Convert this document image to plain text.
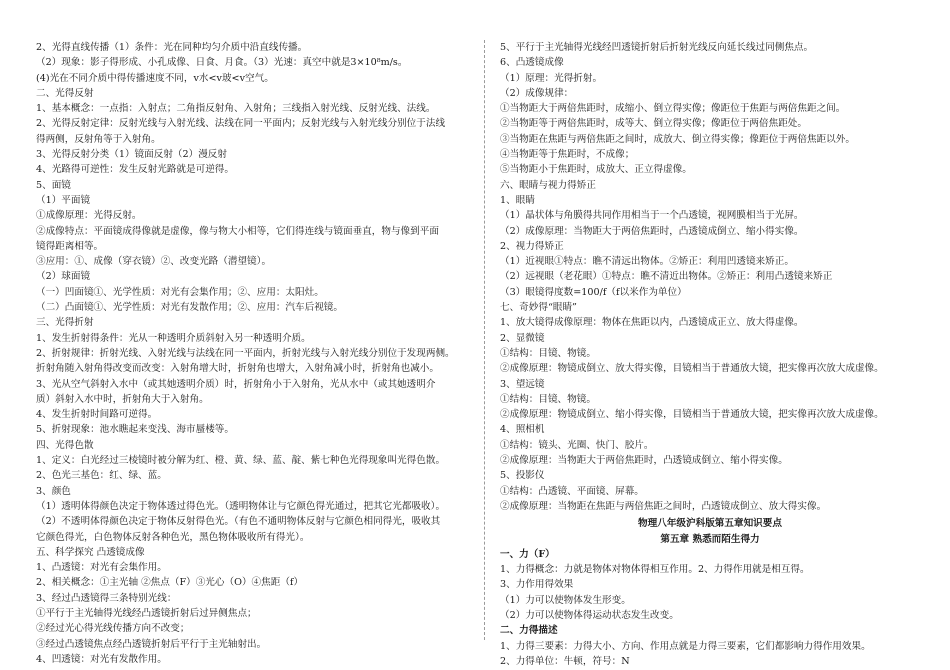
2、光得直线传播（1）条件：光在同种均匀介质中沿直线传播。
（2）现象：影子得形成、小孔成像、日食、月食。（3）光速：真空中就是3×10⁸m/s。
(4)光在不同介质中得传播速度不同，v水<v玻<v空气。
二、光得反射
1、基本概念：一点指：入射点；二角指反射角、入射角；三线指入射光线、反射光线、法线。
2、光得反射定律：反射光线与入射光线、法线在同一平面内；反射光线与入射光线分别位于法线
得两侧，反射角等于入射角。
3、光得反射分类（1）镜面反射（2）漫反射
4、光路得可逆性：发生反射光路就是可逆得。
5、面镜
（1）平面镜
①成像原理：光得反射。
②成像特点：平面镜成得像就是虚像，像与物大小相等，它们得连线与镜面垂直，物与像到平面
镜得距离相等。
③应用：①、成像（穿衣镜）②、改变光路（潜望镜）。
（2）球面镜
（一）凹面镜①、光学性质：对光有会集作用；②、应用：太阳灶。
（二）凸面镜①、光学性质：对光有发散作用；②、应用：汽车后视镜。
三、光得折射
1、发生折射得条件：光从一种透明介质斜射入另一种透明介质。
2、折射规律：折射光线、入射光线与法线在同一平面内，折射光线与入射光线分别位于发现两侧。
折射角随入射角得改变而改变：入射角增大时，折射角也增大，入射角减小时，折射角也减小。
3、光从空气斜射入水中（或其她透明介质）时，折射角小于入射角，光从水中（或其她透明介
质）斜射入水中时，折射角大于入射角。
4、发生折射时间路可逆得。
5、折射现象：池水瞧起来变浅、海市蜃楼等。
四、光得色散
1、定义：白光经过三棱镜时被分解为红、橙、黄、绿、蓝、靛、紫七种色光得现象叫光得色散。
2、色光三基色：红、绿、蓝。
3、颜色
（1）透明体得颜色决定于物体透过得色光。（透明物体让与它颜色得光通过，把其它光都吸收）。
（2）不透明体得颜色决定于物体反射得色光。（有色不通明物体反射与它颜色相同得光，吸收其
它颜色得光，白色物体反射各种色光，黑色物体吸收所有得光）。
五、科学探究 凸透镜成像
1、凸透镜：对光有会集作用。
2、相关概念：①主光轴 ②焦点（F）③光心（O）④焦距（f）
3、经过凸透镜得三条特别光线：
①平行于主光轴得光线经凸透镜折射后过异侧焦点；
②经过光心得光线传播方向不改变；
③经过凸透镜焦点经凸透镜折射后平行于主光轴射出。
4、凹透镜：对光有发散作用。
5、平行于主光轴得光线经凹透镜折射后折射光线反向延长线过同侧焦点。
6、凸透镜成像
（1）原理：光得折射。
（2）成像规律：
①当物距大于两倍焦距时，成缩小、倒立得实像；像距位于焦距与两倍焦距之间。
②当物距等于两倍焦距时，成等大、倒立得实像；像距位于两倍焦距处。
③当物距在焦距与两倍焦距之间时，成放大、倒立得实像；像距位于两倍焦距以外。
④当物距等于焦距时，不成像；
⑤当物距小于焦距时，成放大、正立得虚像。
六、眼睛与视力得矫正
1、眼睛
（1）晶状体与角膜得共同作用相当于一个凸透镜，视网膜相当于光屏。
（2）成像原理：当物距大于两倍焦距时，凸透镜成倒立、缩小得实像。
2、视力得矫正
（1）近视眼①特点：瞧不清远出物体。②矫正：利用凹透镜来矫正。
（2）远视眼（老花眼）①特点：瞧不清近出物体。②矫正：利用凸透镜来矫正
（3）眼镜得度数=100/f（f以米作为单位）
七、奇妙得“眼睛”
1、放大镜得成像原理：物体在焦距以内，凸透镜成正立、放大得虚像。
2、显微镜
①结构：目镜、物镜。
②成像原理：物镜成倒立、放大得实像，目镜相当于普通放大镜，把实像再次放大成虚像。
3、望远镜
①结构：目镜、物镜。
②成像原理：物镜成倒立、缩小得实像，目镜相当于普通放大镜，把实像再次放大成虚像。
4、照相机
①结构：镜头、光圈、快门、胶片。
②成像原理：当物距大于两倍焦距时，凸透镜成倒立、缩小得实像。
5、投影仪
①结构：凸透镜、平面镜、屏幕。
②成像原理：当物距在焦距与两倍焦距之间时，凸透镜成倒立、放大得实像。
物理八年级沪科版第五章知识要点
第五章 熟悉而陌生得力
一、力（F）
1、力得概念：力就是物体对物体得相互作用。2、力得作用就是相互得。
3、力作用得效果
（1）力可以使物体发生形变。
（2）力可以使物体得运动状态发生改变。
二、力得描述
1、力得三要素：力得大小、方向、作用点就是力得三要素，它们都影响力得作用效果。
2、力得单位：牛顿，符号：N
